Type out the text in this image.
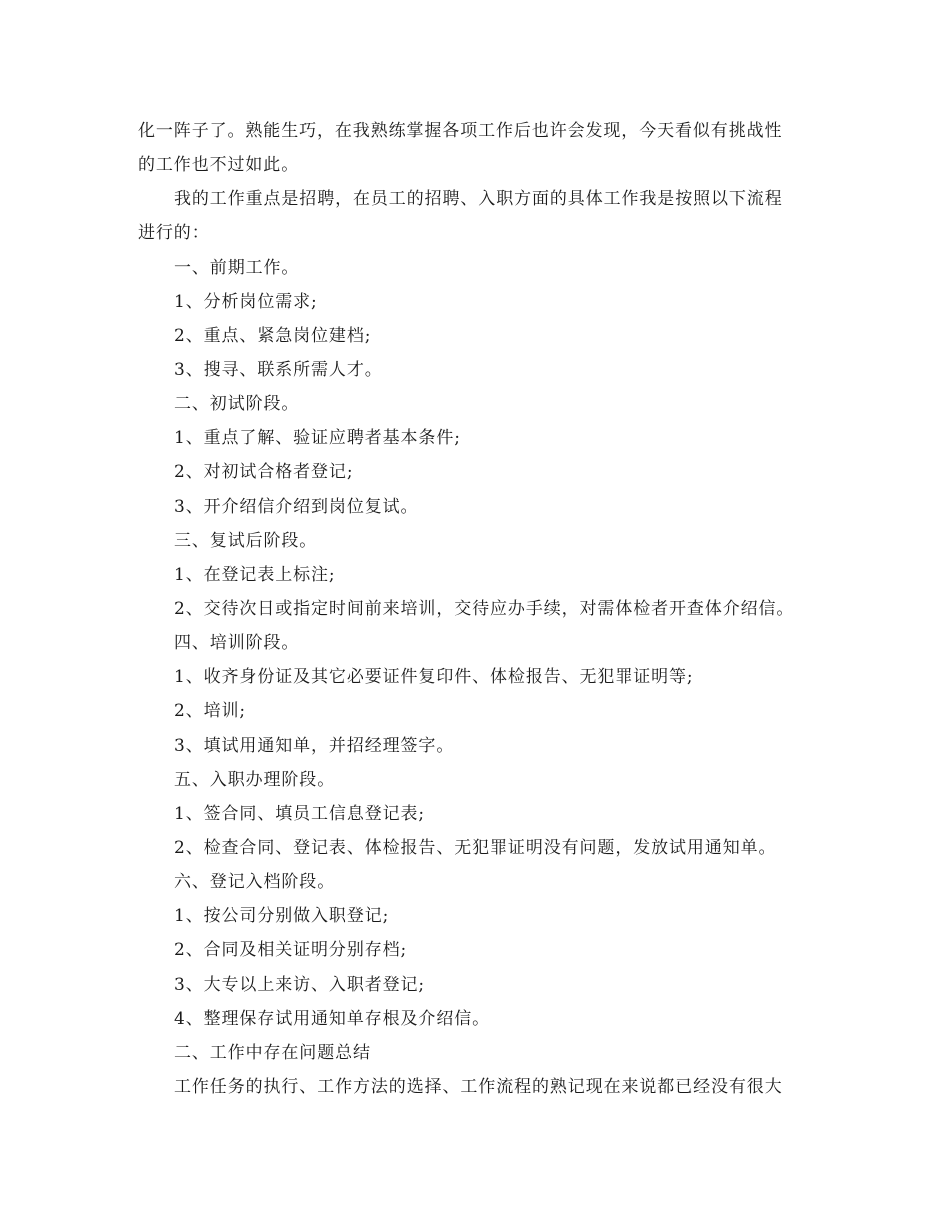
化一阵子了。熟能生巧，在我熟练掌握各项工作后也许会发现，今天看似有挑战性
的工作也不过如此。
我的工作重点是招聘，在员工的招聘、入职方面的具体工作我是按照以下流程
进行的：
一、前期工作。
1、分析岗位需求;
2、重点、紧急岗位建档;
3、搜寻、联系所需人才。
二、初试阶段。
1、重点了解、验证应聘者基本条件;
2、对初试合格者登记;
3、开介绍信介绍到岗位复试。
三、复试后阶段。
1、在登记表上标注;
2、交待次日或指定时间前来培训，交待应办手续，对需体检者开查体介绍信。
四、培训阶段。
1、收齐身份证及其它必要证件复印件、体检报告、无犯罪证明等;
2、培训;
3、填试用通知单，并招经理签字。
五、入职办理阶段。
1、签合同、填员工信息登记表;
2、检查合同、登记表、体检报告、无犯罪证明没有问题，发放试用通知单。
六、登记入档阶段。
1、按公司分别做入职登记;
2、合同及相关证明分别存档;
3、大专以上来访、入职者登记;
4、整理保存试用通知单存根及介绍信。
二、工作中存在问题总结
工作任务的执行、工作方法的选择、工作流程的熟记现在来说都已经没有很大
